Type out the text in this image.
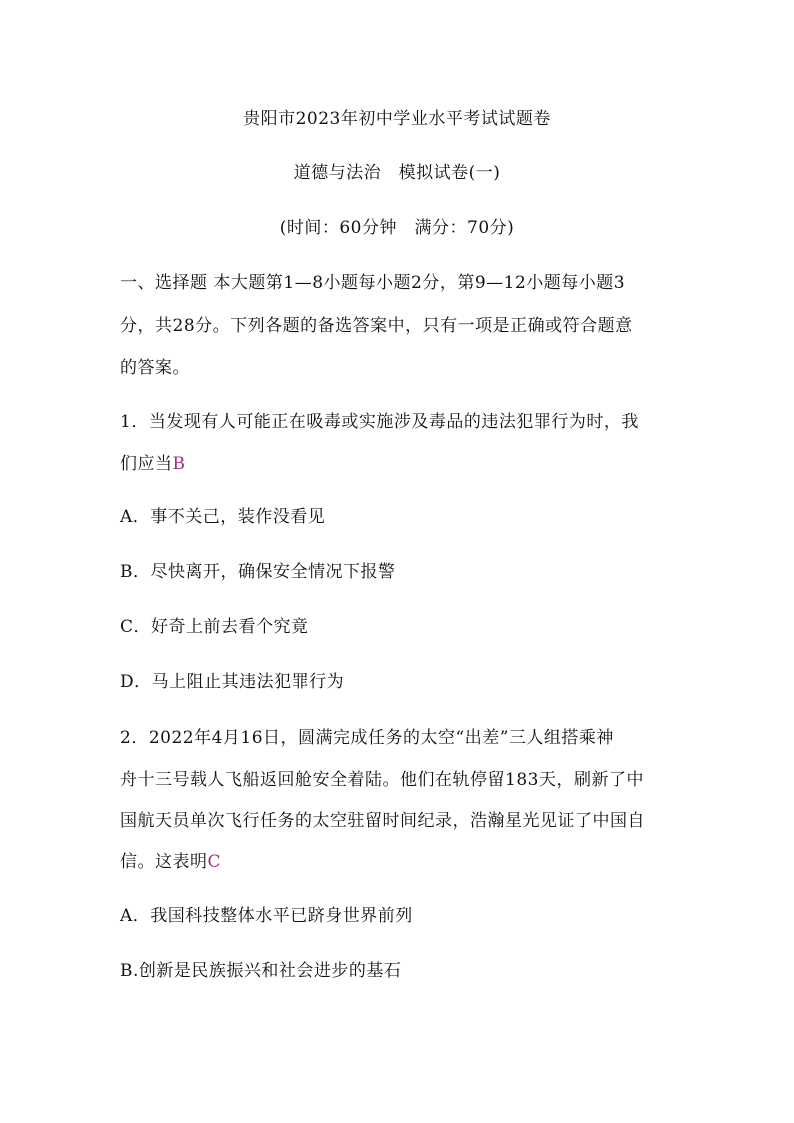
贵阳市2023年初中学业水平考试试题卷
道德与法治　模拟试卷(一)
(时间：60分钟　满分：70分)
一、选择题 本大题第1—8小题每小题2分，第9—12小题每小题3
分，共28分。下列各题的备选答案中，只有一项是正确或符合题意
的答案。
1．当发现有人可能正在吸毒或实施涉及毒品的违法犯罪行为时，我
们应当B
A．事不关己，装作没看见
B．尽快离开，确保安全情况下报警
C．好奇上前去看个究竟
D．马上阻止其违法犯罪行为
2．2022年4月16日，圆满完成任务的太空“出差”三人组搭乘神
舟十三号载人飞船返回舱安全着陆。他们在轨停留183天，刷新了中
国航天员单次飞行任务的太空驻留时间纪录，浩瀚星光见证了中国自
信。这表明C
A．我国科技整体水平已跻身世界前列
B.创新是民族振兴和社会进步的基石
